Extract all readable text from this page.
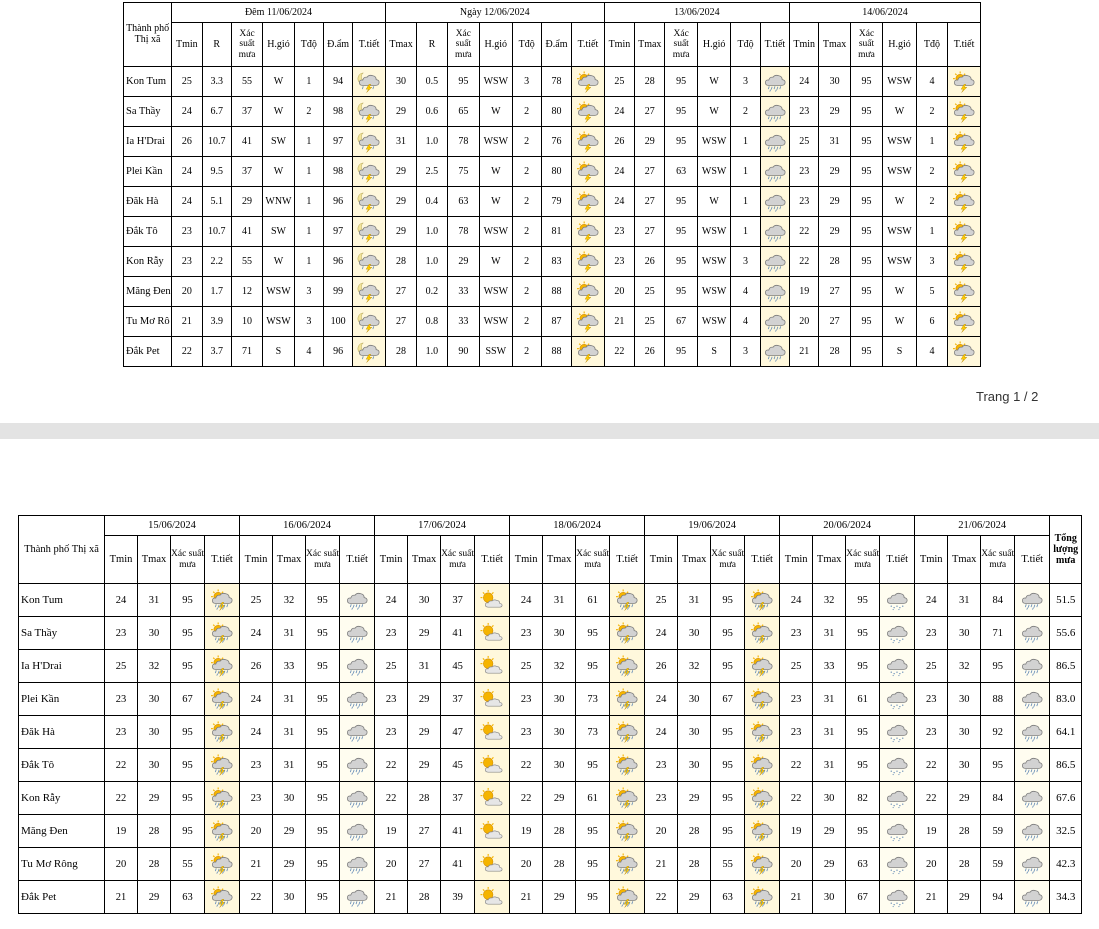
Trang 1 / 2
Thành phố Thị xã	Đêm 11/06/2024							Ngày 12/06/2024							13/06/2024						14/06/2024					
	Tmin	R	Xác suất mưa	H.gió	Tđộ	Đ.ẩm	T.tiết	Tmax	R	Xác suất mưa	H.gió	Tđộ	Đ.ẩm	T.tiết	Tmin	Tmax	Xác suất mưa	H.gió	Tđộ	T.tiết	Tmin	Tmax	Xác suất mưa	H.gió	Tđộ	T.tiết
Kon Tum	25	3.3	55	W	1	94		30	0.5	95	WSW	3	78		25	28	95	W	3		24	30	95	WSW	4	
Sa Thầy	24	6.7	37	W	2	98		29	0.6	65	W	2	80		24	27	95	W	2		23	29	95	W	2	
Ia H'Drai	26	10.7	41	SW	1	97		31	1.0	78	WSW	2	76		26	29	95	WSW	1		25	31	95	WSW	1	
Plei Kần	24	9.5	37	W	1	98		29	2.5	75	W	2	80		24	27	63	WSW	1		23	29	95	WSW	2	
Đăk Hà	24	5.1	29	WNW	1	96		29	0.4	63	W	2	79		24	27	95	W	1		23	29	95	W	2	
Đắk Tô	23	10.7	41	SW	1	97		29	1.0	78	WSW	2	81		23	27	95	WSW	1		22	29	95	WSW	1	
Kon Rẫy	23	2.2	55	W	1	96		28	1.0	29	W	2	83		23	26	95	WSW	3		22	28	95	WSW	3	
Măng Đen	20	1.7	12	WSW	3	99		27	0.2	33	WSW	2	88		20	25	95	WSW	4		19	27	95	W	5	
Tu Mơ Rô	21	3.9	10	WSW	3	100		27	0.8	33	WSW	2	87		21	25	67	WSW	4		20	27	95	W	6	
Đắk Pet	22	3.7	71	S	4	96		28	1.0	90	SSW	2	88		22	26	95	S	3		21	28	95	S	4	
Thành phố Thị xã	15/06/2024				16/06/2024				17/06/2024				18/06/2024				19/06/2024				20/06/2024				21/06/2024				Tổng lượng mưa
	Tmin	Tmax	Xác suất mưa	T.tiết	Tmin	Tmax	Xác suất mưa	T.tiết	Tmin	Tmax	Xác suất mưa	T.tiết	Tmin	Tmax	Xác suất mưa	T.tiết	Tmin	Tmax	Xác suất mưa	T.tiết	Tmin	Tmax	Xác suất mưa	T.tiết	Tmin	Tmax	Xác suất mưa	T.tiết	
Kon Tum	24	31	95		25	32	95		24	30	37		24	31	61		25	31	95		24	32	95		24	31	84		51.5
Sa Thầy	23	30	95		24	31	95		23	29	41		23	30	95		24	30	95		23	31	95		23	30	71		55.6
Ia H'Drai	25	32	95		26	33	95		25	31	45		25	32	95		26	32	95		25	33	95		25	32	95		86.5
Plei Kần	23	30	67		24	31	95		23	29	37		23	30	73		24	30	67		23	31	61		23	30	88		83.0
Đăk Hà	23	30	95		24	31	95		23	29	47		23	30	73		24	30	95		23	31	95		23	30	92		64.1
Đắk Tô	22	30	95		23	31	95		22	29	45		22	30	95		23	30	95		22	31	95		22	30	95		86.5
Kon Rẫy	22	29	95		23	30	95		22	28	37		22	29	61		23	29	95		22	30	82		22	29	84		67.6
Măng Đen	19	28	95		20	29	95		19	27	41		19	28	95		20	28	95		19	29	95		19	28	59		32.5
Tu Mơ Rông	20	28	55		21	29	95		20	27	41		20	28	95		21	28	55		20	29	63		20	28	59		42.3
Đắk Pet	21	29	63		22	30	95		21	28	39		21	29	95		22	29	63		21	30	67		21	29	94		34.3
